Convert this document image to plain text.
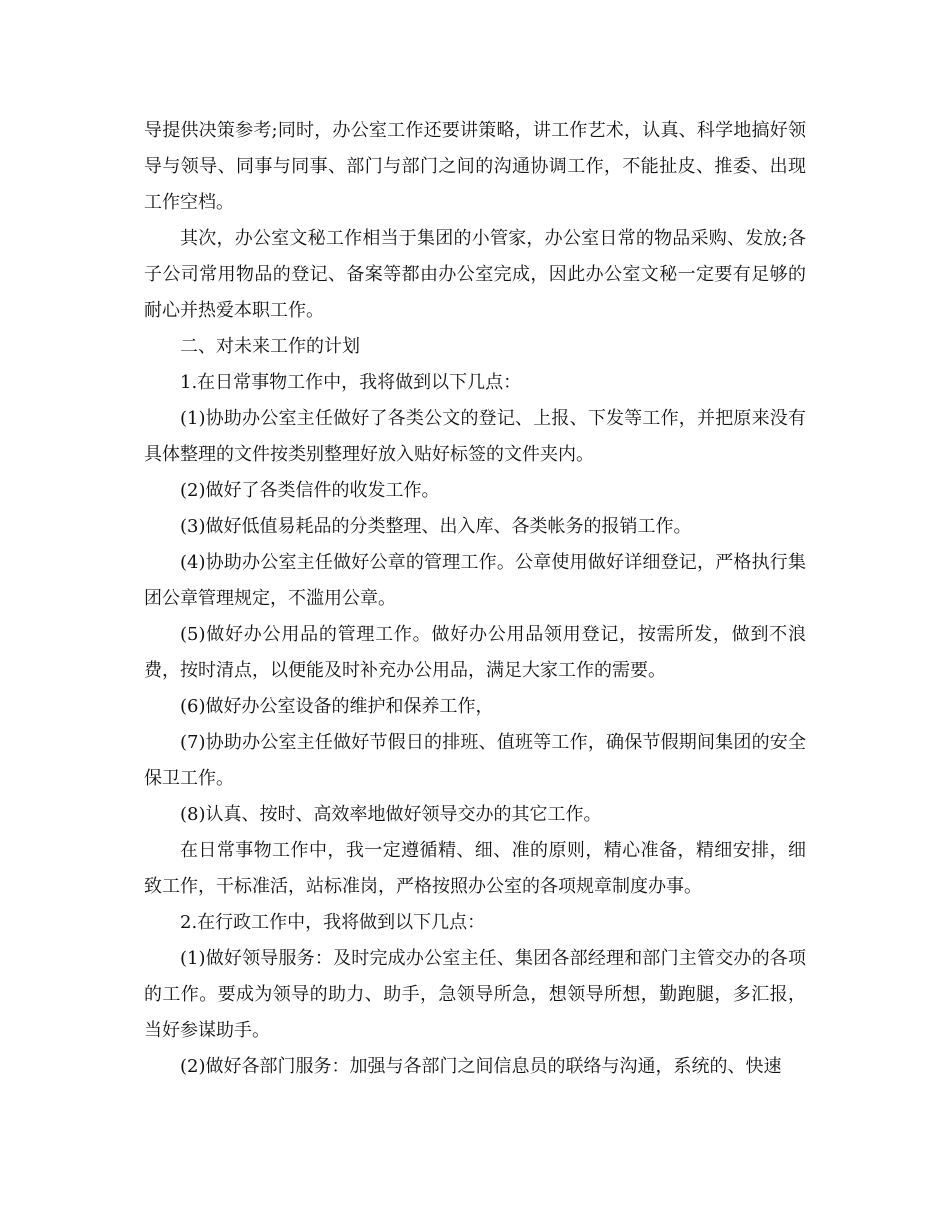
导提供决策参考;同时，办公室工作还要讲策略，讲工作艺术，认真、科学地搞好领导与领导、同事与同事、部门与部门之间的沟通协调工作，不能扯皮、推委、出现工作空档。

其次，办公室文秘工作相当于集团的小管家，办公室日常的物品采购、发放;各子公司常用物品的登记、备案等都由办公室完成，因此办公室文秘一定要有足够的耐心并热爱本职工作。

二、对未来工作的计划

1.在日常事物工作中，我将做到以下几点：

(1)协助办公室主任做好了各类公文的登记、上报、下发等工作，并把原来没有具体整理的文件按类别整理好放入贴好标签的文件夹内。

(2)做好了各类信件的收发工作。

(3)做好低值易耗品的分类整理、出入库、各类帐务的报销工作。

(4)协助办公室主任做好公章的管理工作。公章使用做好详细登记，严格执行集团公章管理规定，不滥用公章。

(5)做好办公用品的管理工作。做好办公用品领用登记，按需所发，做到不浪费，按时清点，以便能及时补充办公用品，满足大家工作的需要。

(6)做好办公室设备的维护和保养工作，

(7)协助办公室主任做好节假日的排班、值班等工作，确保节假期间集团的安全保卫工作。

(8)认真、按时、高效率地做好领导交办的其它工作。

在日常事物工作中，我一定遵循精、细、准的原则，精心准备，精细安排，细致工作，干标准活，站标准岗，严格按照办公室的各项规章制度办事。

2.在行政工作中，我将做到以下几点：

(1)做好领导服务：及时完成办公室主任、集团各部经理和部门主管交办的各项的工作。要成为领导的助力、助手，急领导所急，想领导所想，勤跑腿，多汇报，当好参谋助手。

(2)做好各部门服务：加强与各部门之间信息员的联络与沟通，系统的、快速
